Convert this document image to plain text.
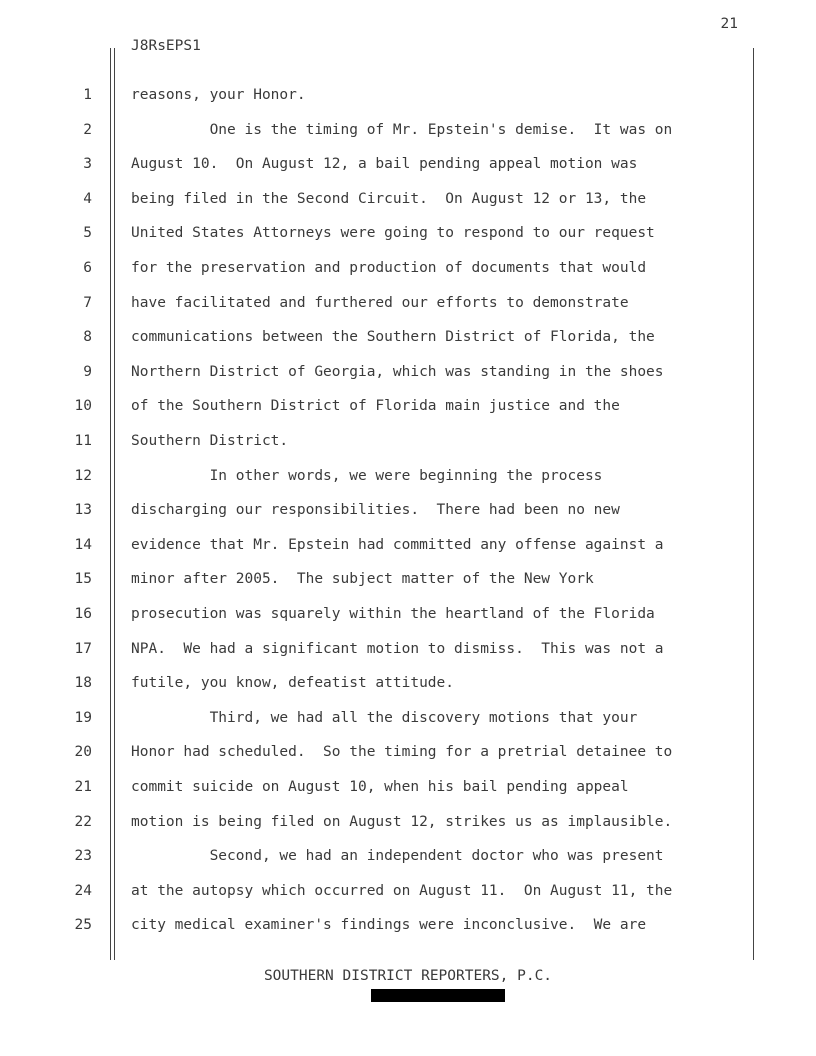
21
J8RsEPS1
1	reasons, your Honor.
2	One is the timing of Mr. Epstein's demise.  It was on
3	August 10.  On August 12, a bail pending appeal motion was
4	being filed in the Second Circuit.  On August 12 or 13, the
5	United States Attorneys were going to respond to our request
6	for the preservation and production of documents that would
7	have facilitated and furthered our efforts to demonstrate
8	communications between the Southern District of Florida, the
9	Northern District of Georgia, which was standing in the shoes
10	of the Southern District of Florida main justice and the
11	Southern District.
12	In other words, we were beginning the process
13	discharging our responsibilities.  There had been no new
14	evidence that Mr. Epstein had committed any offense against a
15	minor after 2005.  The subject matter of the New York
16	prosecution was squarely within the heartland of the Florida
17	NPA.  We had a significant motion to dismiss.  This was not a
18	futile, you know, defeatist attitude.
19	Third, we had all the discovery motions that your
20	Honor had scheduled.  So the timing for a pretrial detainee to
21	commit suicide on August 10, when his bail pending appeal
22	motion is being filed on August 12, strikes us as implausible.
23	Second, we had an independent doctor who was present
24	at the autopsy which occurred on August 11.  On August 11, the
25	city medical examiner's findings were inconclusive.  We are
SOUTHERN DISTRICT REPORTERS, P.C.
